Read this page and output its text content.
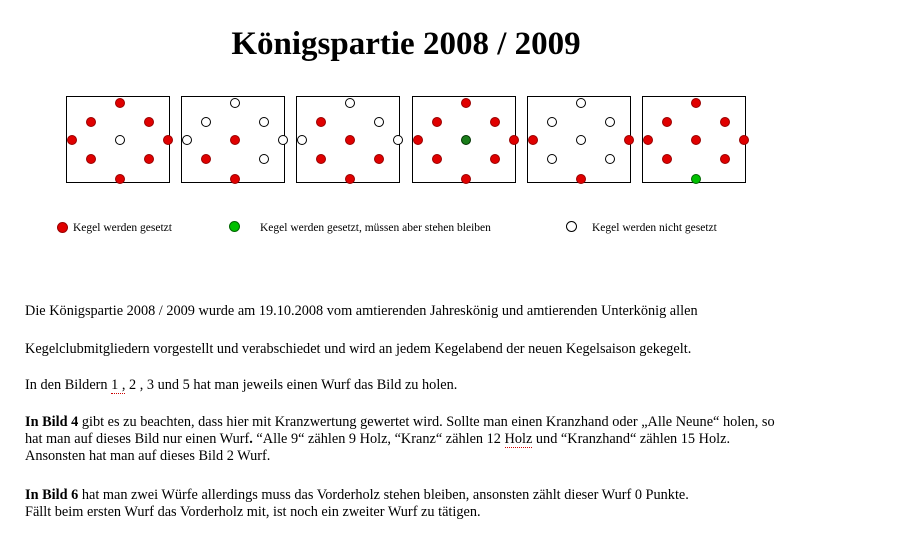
Königspartie 2008 / 2009
Kegel werden gesetzt	Kegel werden gesetzt, müssen aber stehen bleiben	Kegel werden nicht gesetzt
Die Königspartie 2008 / 2009 wurde am 19.10.2008 vom amtierenden Jahreskönig und amtierenden Unterkönig allen
Kegelclubmitgliedern vorgestellt und verabschiedet und wird an jedem Kegelabend der neuen Kegelsaison gekegelt.
In den Bildern 1 , 2 , 3 und 5 hat man jeweils einen Wurf das Bild zu holen.
In Bild 4 gibt es zu beachten, dass hier mit Kranzwertung gewertet wird. Sollte man einen Kranzhand oder „Alle Neune“ holen, so
hat man auf dieses Bild nur einen Wurf. “Alle 9“ zählen 9 Holz, “Kranz“ zählen 12 Holz und “Kranzhand“ zählen 15 Holz.
Ansonsten hat man auf dieses Bild 2 Wurf.
In Bild 6 hat man zwei Würfe allerdings muss das Vorderholz stehen bleiben, ansonsten zählt dieser Wurf 0 Punkte.
Fällt beim ersten Wurf das Vorderholz mit, ist noch ein zweiter Wurf zu tätigen.
